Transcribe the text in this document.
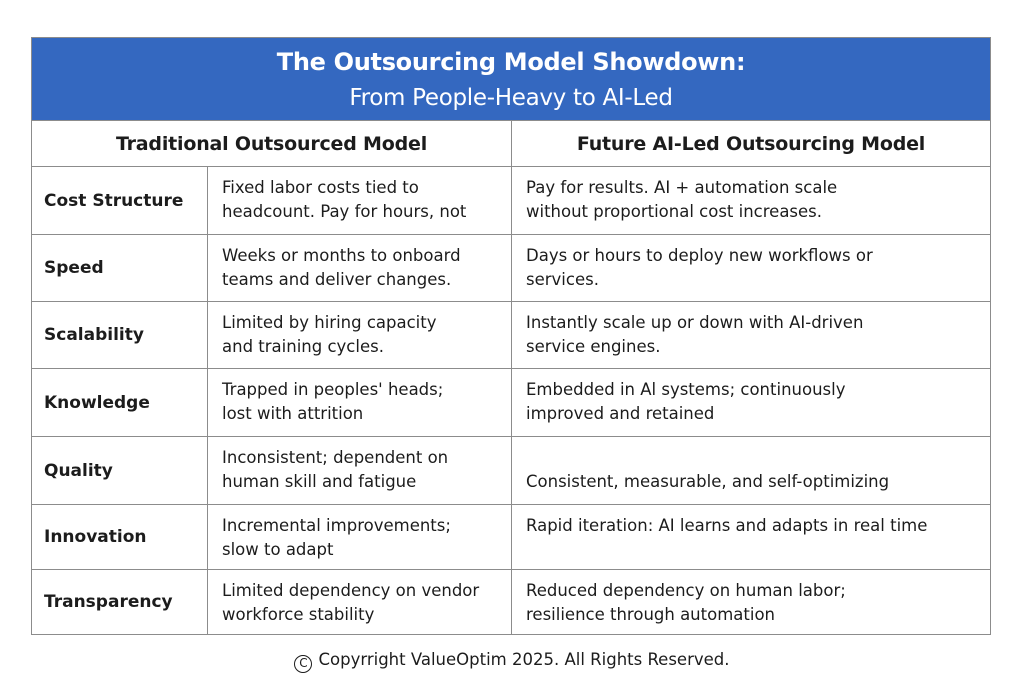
The Outsourcing Model Showdown:
From People-Heavy to AI-Led
Traditional Outsourced Model	Future AI-Led Outsourcing Model
Cost Structure
Fixed labor costs tied to
headcount. Pay for hours, not
Pay for results. AI + automation scale
without proportional cost increases.
Speed
Weeks or months to onboard
teams and deliver changes.
Days or hours to deploy new workflows or
services.
Scalability
Limited by hiring capacity
and training cycles.
Instantly scale up or down with AI-driven
service engines.
Knowledge
Trapped in peoples' heads;
lost with attrition
Embedded in Al systems; continuously
improved and retained
Quality
Inconsistent; dependent on
human skill and fatigue	Consistent, measurable, and self-optimizing

Innovation
Incremental improvements;
slow to adapt
Rapid iteration: AI learns and adapts in real time
Transparency
Limited dependency on vendor
workforce stability
Reduced dependency on human labor;
resilience through automation
C Copyrright ValueOptim 2025. All Rights Reserved.
